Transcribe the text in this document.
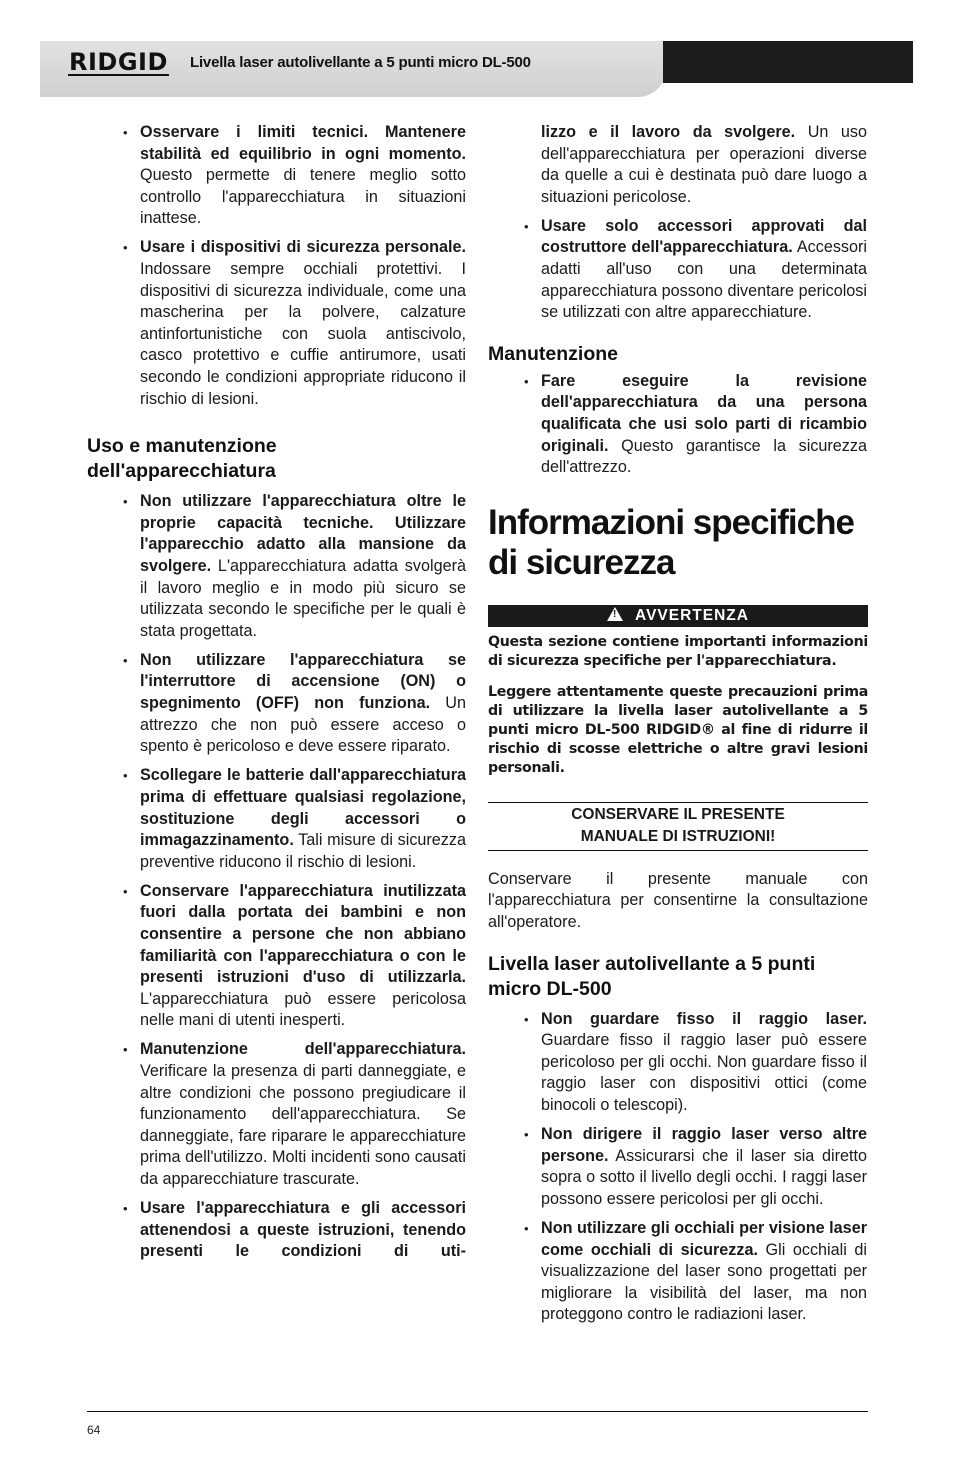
RIDGID Livella laser autolivellante a 5 punti micro DL-500
• Osservare i limiti tecnici. Mantenere stabilità ed equilibrio in ogni momento. Questo permette di tenere meglio sotto controllo l'apparecchiatura in situazioni inattese.
• Usare i dispositivi di sicurezza personale. Indossare sempre occhiali protettivi. I dispositivi di sicurezza individuale, come una mascherina per la polvere, calzature antinfortunistiche con suola antiscivolo, casco protettivo e cuffie antirumore, usati secondo le condizioni appropriate riducono il rischio di lesioni.
Uso e manutenzione dell'apparecchiatura
• Non utilizzare l'apparecchiatura oltre le proprie capacità tecniche. Utilizzare l'apparecchio adatto alla mansione da svolgere. L'apparecchiatura adatta svolgerà il lavoro meglio e in modo più sicuro se utilizzata secondo le specifiche per le quali è stata progettata.
• Non utilizzare l'apparecchiatura se l'interruttore di accensione (ON) o spegnimento (OFF) non funziona. Un attrezzo che non può essere acceso o spento è pericoloso e deve essere riparato.
• Scollegare le batterie dall'apparecchiatura prima di effettuare qualsiasi regolazione, sostituzione degli accessori o immagazzinamento. Tali misure di sicurezza preventive riducono il rischio di lesioni.
• Conservare l'apparecchiatura inutilizzata fuori dalla portata dei bambini e non consentire a persone che non abbiano familiarità con l'apparecchiatura o con le presenti istruzioni d'uso di utilizzarla. L'apparecchiatura può essere pericolosa nelle mani di utenti inesperti.
• Manutenzione dell'apparecchiatura. Verificare la presenza di parti danneggiate, e altre condizioni che possono pregiudicare il funzionamento dell'apparecchiatura. Se danneggiate, fare riparare le apparecchiature prima dell'utilizzo. Molti incidenti sono causati da apparecchiature trascurate.
• Usare l'apparecchiatura e gli accessori attenendosi a queste istruzioni, tenendo presenti le condizioni di uti-
lizzo e il lavoro da svolgere. Un uso dell'apparecchiatura per operazioni diverse da quelle a cui è destinata può dare luogo a situazioni pericolose.
• Usare solo accessori approvati dal costruttore dell'apparecchiatura. Accessori adatti all'uso con una determinata apparecchiatura possono diventare pericolosi se utilizzati con altre apparecchiature.
Manutenzione
• Fare eseguire la revisione dell'apparecchiatura da una persona qualificata che usi solo parti di ricambio originali. Questo garantisce la sicurezza dell'attrezzo.
Informazioni specifiche di sicurezza
!AVVERTENZA

Questa sezione contiene importanti informazioni di sicurezza specifiche per l'apparecchiatura.

Leggere attentamente queste precauzioni prima di utilizzare la livella laser autolivellante a 5 punti micro DL-500 RIDGID® al fine di ridurre il rischio di scosse elettriche o altre gravi lesioni personali.

CONSERVARE IL PRESENTE
MANUALE DI ISTRUZIONI!

Conservare il presente manuale con l'apparecchiatura per consentirne la consultazione all'operatore.

Livella laser autolivellante a 5 punti micro DL-500
• Non guardare fisso il raggio laser. Guardare fisso il raggio laser può essere pericoloso per gli occhi. Non guardare fisso il raggio laser con dispositivi ottici (come binocoli o telescopi).
• Non dirigere il raggio laser verso altre persone. Assicurarsi che il laser sia diretto sopra o sotto il livello degli occhi. I raggi laser possono essere pericolosi per gli occhi.
• Non utilizzare gli occhiali per visione laser come occhiali di sicurezza. Gli occhiali di visualizzazione del laser sono progettati per migliorare la visibilità del laser, ma non proteggono contro le radiazioni laser.
64
